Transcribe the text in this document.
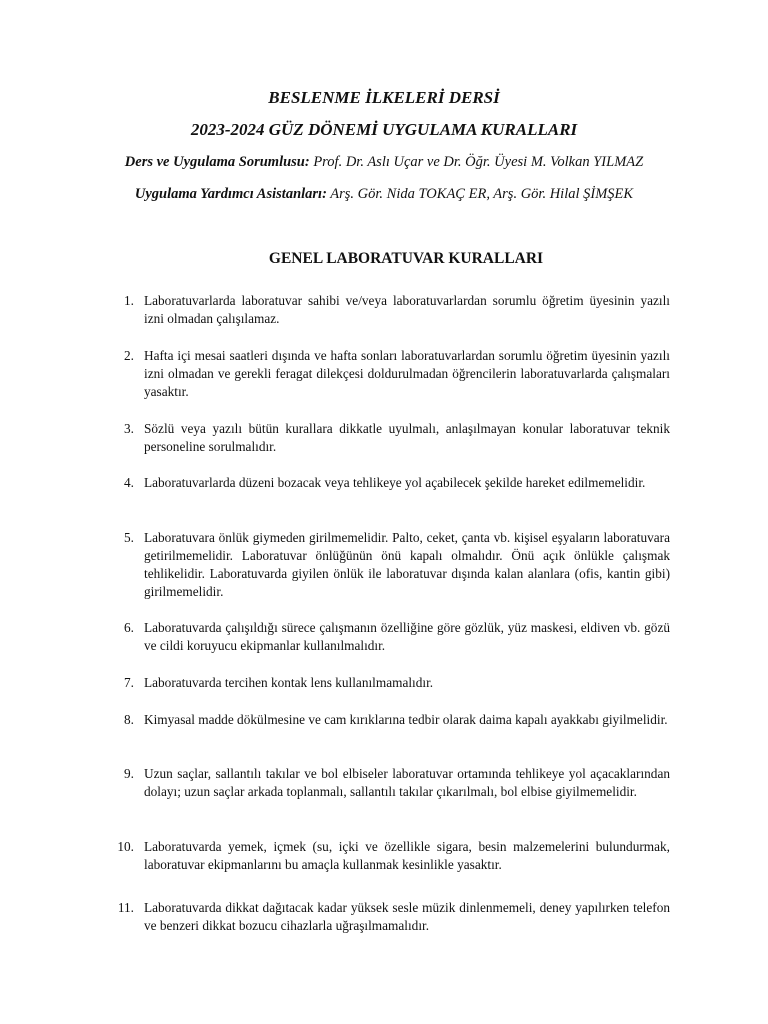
BESLENME İLKELERİ DERSİ
2023-2024 GÜZ DÖNEMİ UYGULAMA KURALLARI
Ders ve Uygulama Sorumlusu: Prof. Dr. Aslı Uçar ve Dr. Öğr. Üyesi M. Volkan YILMAZ
Uygulama Yardımcı Asistanları: Arş. Gör. Nida TOKAÇ ER, Arş. Gör. Hilal ŞİMŞEK
GENEL LABORATUVAR KURALLARI
1. Laboratuvarlarda laboratuvar sahibi ve/veya laboratuvarlardan sorumlu öğretim üyesinin yazılı izni olmadan çalışılamaz.
2. Hafta içi mesai saatleri dışında ve hafta sonları laboratuvarlardan sorumlu öğretim üyesinin yazılı izni olmadan ve gerekli feragat dilekçesi doldurulmadan öğrencilerin laboratuvarlarda çalışmaları yasaktır.
3. Sözlü veya yazılı bütün kurallara dikkatle uyulmalı, anlaşılmayan konular laboratuvar teknik personeline sorulmalıdır.
4. Laboratuvarlarda düzeni bozacak veya tehlikeye yol açabilecek şekilde hareket edilmemelidir.
5. Laboratuvara önlük giymeden girilmemelidir. Palto, ceket, çanta vb. kişisel eşyaların laboratuvara getirilmemelidir. Laboratuvar önlüğünün önü kapalı olmalıdır. Önü açık önlükle çalışmak tehlikelidir. Laboratuvarda giyilen önlük ile laboratuvar dışında kalan alanlara (ofis, kantin gibi) girilmemelidir.
6. Laboratuvarda çalışıldığı sürece çalışmanın özelliğine göre gözlük, yüz maskesi, eldiven vb. gözü ve cildi koruyucu ekipmanlar kullanılmalıdır.
7. Laboratuvarda tercihen kontak lens kullanılmamalıdır.
8. Kimyasal madde dökülmesine ve cam kırıklarına tedbir olarak daima kapalı ayakkabı giyilmelidir.
9. Uzun saçlar, sallantılı takılar ve bol elbiseler laboratuvar ortamında tehlikeye yol açacaklarından dolayı; uzun saçlar arkada toplanmalı, sallantılı takılar çıkarılmalı, bol elbise giyilmemelidir.
10. Laboratuvarda yemek, içmek (su, içki ve özellikle sigara, besin malzemelerini bulundurmak, laboratuvar ekipmanlarını bu amaçla kullanmak kesinlikle yasaktır.
11. Laboratuvarda dikkat dağıtacak kadar yüksek sesle müzik dinlenmemeli, deney yapılırken telefon ve benzeri dikkat bozucu cihazlarla uğraşılmamalıdır.
